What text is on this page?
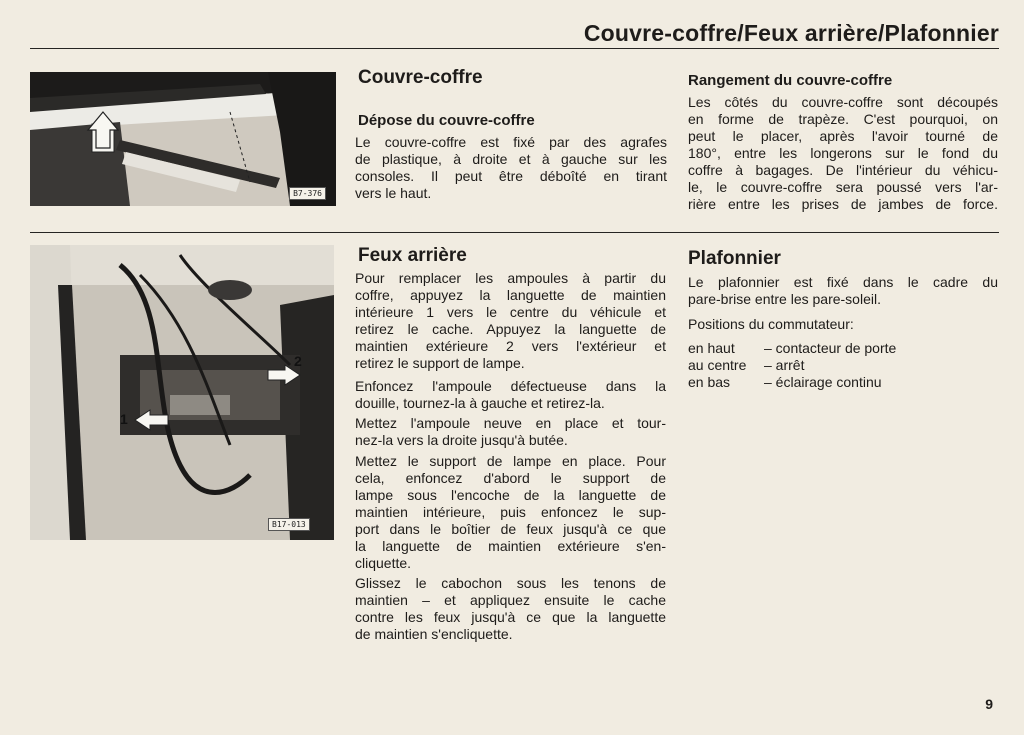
Couvre-coffre/Feux arrière/Plafonnier
B7-376
1
2
B17-013
Couvre-coffre
Dépose du couvre-coffre
Le couvre-coffre est fixé par des agrafes
de plastique, à droite et à gauche sur les
consoles. Il peut être déboîté en tirant
vers le haut.
Rangement du couvre-coffre
Les côtés du couvre-coffre sont découpés
en forme de trapèze. C'est pourquoi, on
peut le placer, après l'avoir tourné de
180°, entre les longerons sur le fond du
coffre à bagages. De l'intérieur du véhicu-
le, le couvre-coffre sera poussé vers l'ar-
rière entre les prises de jambes de force.
Feux arrière
Pour remplacer les ampoules à partir du
coffre, appuyez la languette de maintien
intérieure 1 vers le centre du véhicule et
retirez le cache. Appuyez la languette de
maintien extérieure 2 vers l'extérieur et
retirez le support de lampe.
Enfoncez l'ampoule défectueuse dans la
douille, tournez-la à gauche et retirez-la.
Mettez l'ampoule neuve en place et tour-
nez-la vers la droite jusqu'à butée.
Mettez le support de lampe en place. Pour
cela, enfoncez d'abord le support de
lampe sous l'encoche de la languette de
maintien intérieure, puis enfoncez le sup-
port dans le boîtier de feux jusqu'à ce que
la languette de maintien extérieure s'en-
cliquette.
Glissez le cabochon sous les tenons de
maintien – et appliquez ensuite le cache
contre les feux jusqu'à ce que la languette
de maintien s'encliquette.
Plafonnier
Le plafonnier est fixé dans le cadre du
pare-brise entre les pare-soleil.
Positions du commutateur:
en haut	– contacteur de porte
au centre	– arrêt
en bas	– éclairage continu
9
